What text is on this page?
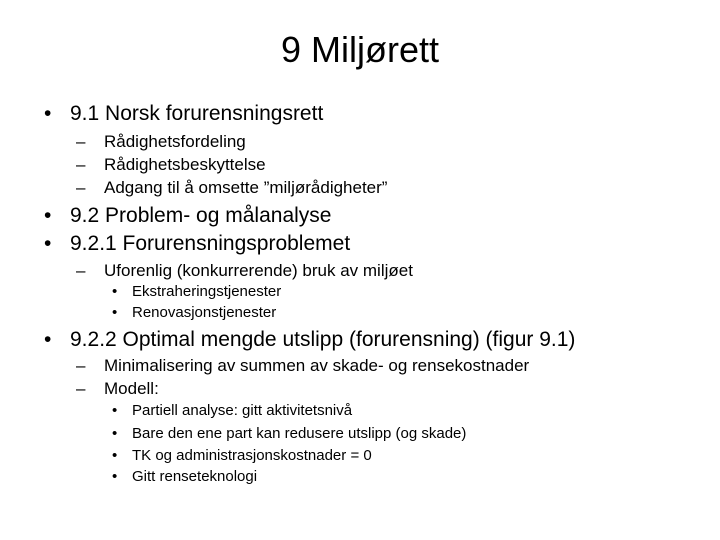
9 Miljørett
• 9.1 Norsk forurensningsrett
– Rådighetsfordeling
– Rådighetsbeskyttelse
– Adgang til å omsette ”miljørådigheter”
• 9.2 Problem- og målanalyse
• 9.2.1 Forurensningsproblemet
– Uforenlig (konkurrerende) bruk av miljøet
• Ekstraheringstjenester
• Renovasjonstjenester
• 9.2.2 Optimal mengde utslipp (forurensning) (figur 9.1)
– Minimalisering av summen av skade- og rensekostnader
– Modell:
• Partiell analyse: gitt aktivitetsnivå
• Bare den ene part kan redusere utslipp (og skade)
• TK og administrasjonskostnader = 0
• Gitt renseteknologi
